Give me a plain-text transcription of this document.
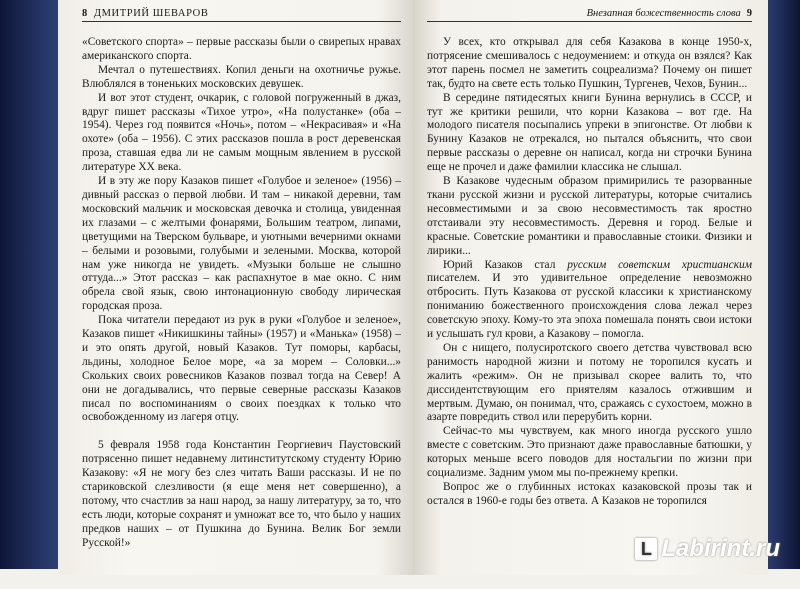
8 ДМИТРИЙ ШЕВАРОВ

«Советского спорта» – первые рассказы были о свирепых нравах американского спорта.

Мечтал о путешествиях. Копил деньги на охотничье ружье. Влюблялся в тоненьких московских девушек.

И вот этот студент, очкарик, с головой погруженный в джаз, вдруг пишет рассказы «Тихое утро», «На полустанке» (оба – 1954). Через год появится «Ночь», потом – «Некрасивая» и «На охоте» (оба – 1956). С этих рассказов пошла в рост деревенская проза, ставшая едва ли не самым мощным явлением в русской литературе XX века.

И в эту же пору Казаков пишет «Голубое и зеленое» (1956) – дивный рассказ о первой любви. И там – никакой деревни, там московский мальчик и московская девочка и столица, увиденная их глазами – с желтыми фонарями, Большим театром, липами, цветущими на Тверском бульваре, и уютными вечерними окнами – белыми и розовыми, голубыми и зелеными. Москва, которой нам уже никогда не увидеть. «Музыки больше не слышно оттуда...» Этот рассказ – как распахнутое в мае окно. С ним обрела свой язык, свою интонационную свободу лирическая городская проза.

Пока читатели передают из рук в руки «Голубое и зеленое», Казаков пишет «Никишкины тайны» (1957) и «Манька» (1958) – и это опять другой, новый Казаков. Тут поморы, карбасы, льдины, холодное Белое море, «а за морем – Соловки...» Скольких своих ровесников Казаков позвал тогда на Север! А они не догадывались, что первые северные рассказы Казаков писал по воспоминаниям о своих поездках к только что освобожденному из лагеря отцу.

5 февраля 1958 года Константин Георгиевич Паустовский потрясенно пишет недавнему литинститутскому студенту Юрию Казакову: «Я не могу без слез читать Ваши рассказы. И не по стариковской слезливости (я еще меня нет совершенно), а потому, что счастлив за наш народ, за нашу литературу, за то, что есть люди, которые сохранят и умножат все то, что было у наших предков наших – от Пушкина до Бунина. Велик Бог земли Русской!»

Внезапная божественность слова 9

У всех, кто открывал для себя Казакова в конце 1950-х, потрясение смешивалось с недоумением: и откуда он взялся? Как этот парень посмел не заметить соцреализма? Почему он пишет так, будто на свете есть только Пушкин, Тургенев, Чехов, Бунин...

В середине пятидесятых книги Бунина вернулись в СССР, и тут же критики решили, что корни Казакова – вот где. На молодого писателя посыпались упреки в эпигонстве. От любви к Бунину Казаков не отрекался, но пытался объяснить, что свои первые рассказы о деревне он написал, когда ни строчки Бунина еще не прочел и даже фамилии классика не слышал.

В Казакове чудесным образом примирились те разорванные ткани русской жизни и русской литературы, которые считались несовместимыми и за свою несовместимость так яростно отстаивали эту несовместимость. Деревня и город. Белые и красные. Советские романтики и православные стоики. Физики и лирики...

Юрий Казаков стал русским советским христианским писателем. И это удивительное определение невозможно отбросить. Путь Казакова от русской классики к христианскому пониманию божественного происхождения слова лежал через советскую эпоху. Кому-то эта эпоха помешала понять свои истоки и услышать гул крови, а Казакову – помогла.

Он с нищего, полусиротского своего детства чувствовал всю ранимость народной жизни и потому не торопился кусать и жалить «режим». Он не призывал скорее валить то, что диссидентствующим его приятелям казалось отжившим и мертвым. Думаю, он понимал, что, сражаясь с сухостоем, можно в азарте повредить ствол или перерубить корни.

Сейчас-то мы чувствуем, как много иногда русского ушло вместе с советским. Это признают даже православные батюшки, у которых меньше всего поводов для ностальгии по жизни при социализме. Задним умом мы по-прежнему крепки.

Вопрос же о глубинных истоках казаковской прозы так и остался в 1960-е годы без ответа. А Казаков не торопился

L Labirint.ru
